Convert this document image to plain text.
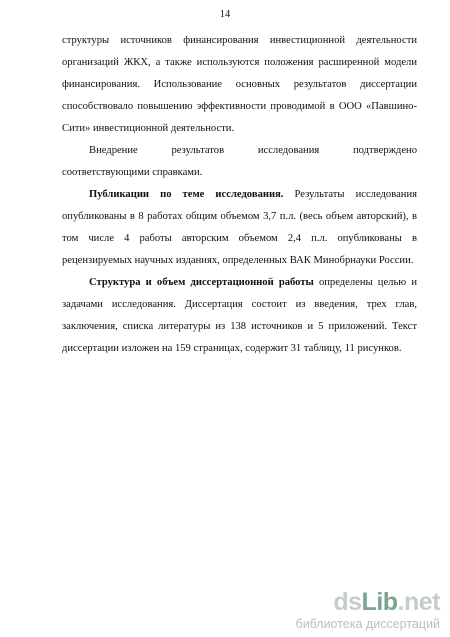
14
структуры источников финансирования инвестиционной деятельности
организаций ЖКХ, а также используются положения расширенной модели
финансирования. Использование основных результатов диссертации
способствовало повышению эффективности проводимой в ООО «Павшино-
Сити» инвестиционной деятельности.
Внедрение результатов исследования подтверждено
соответствующими справками.
Публикации по теме исследования. Результаты исследования
опубликованы в 8 работах общим объемом 3,7 п.л. (весь объем авторский), в
том числе 4 работы авторским объемом 2,4 п.л. опубликованы в
рецензируемых научных изданиях, определенных ВАК Минобрнауки России.
Структура и объем диссертационной работы определены целью и
задачами исследования. Диссертация состоит из введения, трех глав,
заключения, списка литературы из 138 источников и 5 приложений. Текст
диссертации изложен на 159 страницах, содержит 31 таблицу, 11 рисунков.
dsLib.net
библиотека диссертаций
